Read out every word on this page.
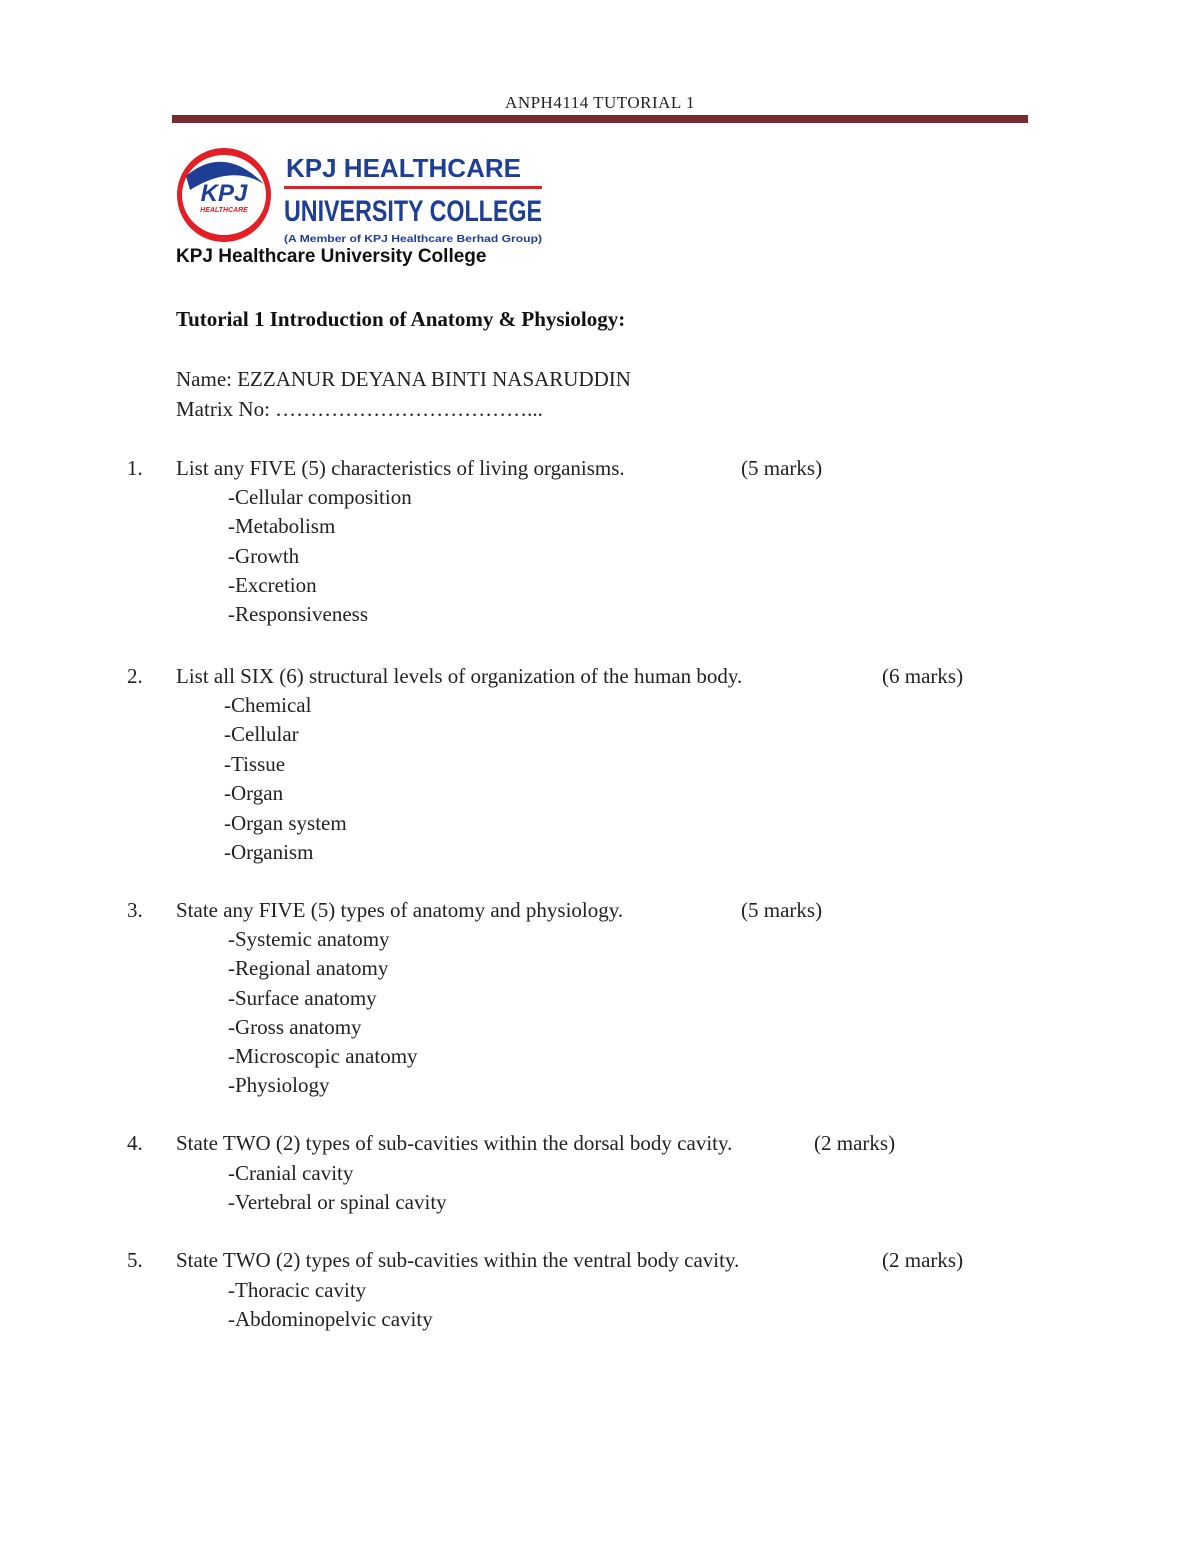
ANPH4114 TUTORIAL 1
KPJ
HEALTHCARE
KPJ HEALTHCARE
UNIVERSITY COLLEGE
(A Member of KPJ Healthcare Berhad Group)
KPJ Healthcare University College
Tutorial 1 Introduction of Anatomy & Physiology:
Name: EZZANUR DEYANA BINTI NASARUDDIN
Matrix No: ………………………………...
1. List any FIVE (5) characteristics of living organisms.	(5 marks)
-Cellular composition
-Metabolism
-Growth
-Excretion
-Responsiveness
2. List all SIX (6) structural levels of organization of the human body.	(6 marks)
-Chemical
-Cellular
-Tissue
-Organ
-Organ system
-Organism
3. State any FIVE (5) types of anatomy and physiology.	(5 marks)
-Systemic anatomy
-Regional anatomy
-Surface anatomy
-Gross anatomy
-Microscopic anatomy
-Physiology
4. State TWO (2) types of sub-cavities within the dorsal body cavity.	(2 marks)
-Cranial cavity
-Vertebral or spinal cavity
5. State TWO (2) types of sub-cavities within the ventral body cavity.	(2 marks)
-Thoracic cavity
-Abdominopelvic cavity
